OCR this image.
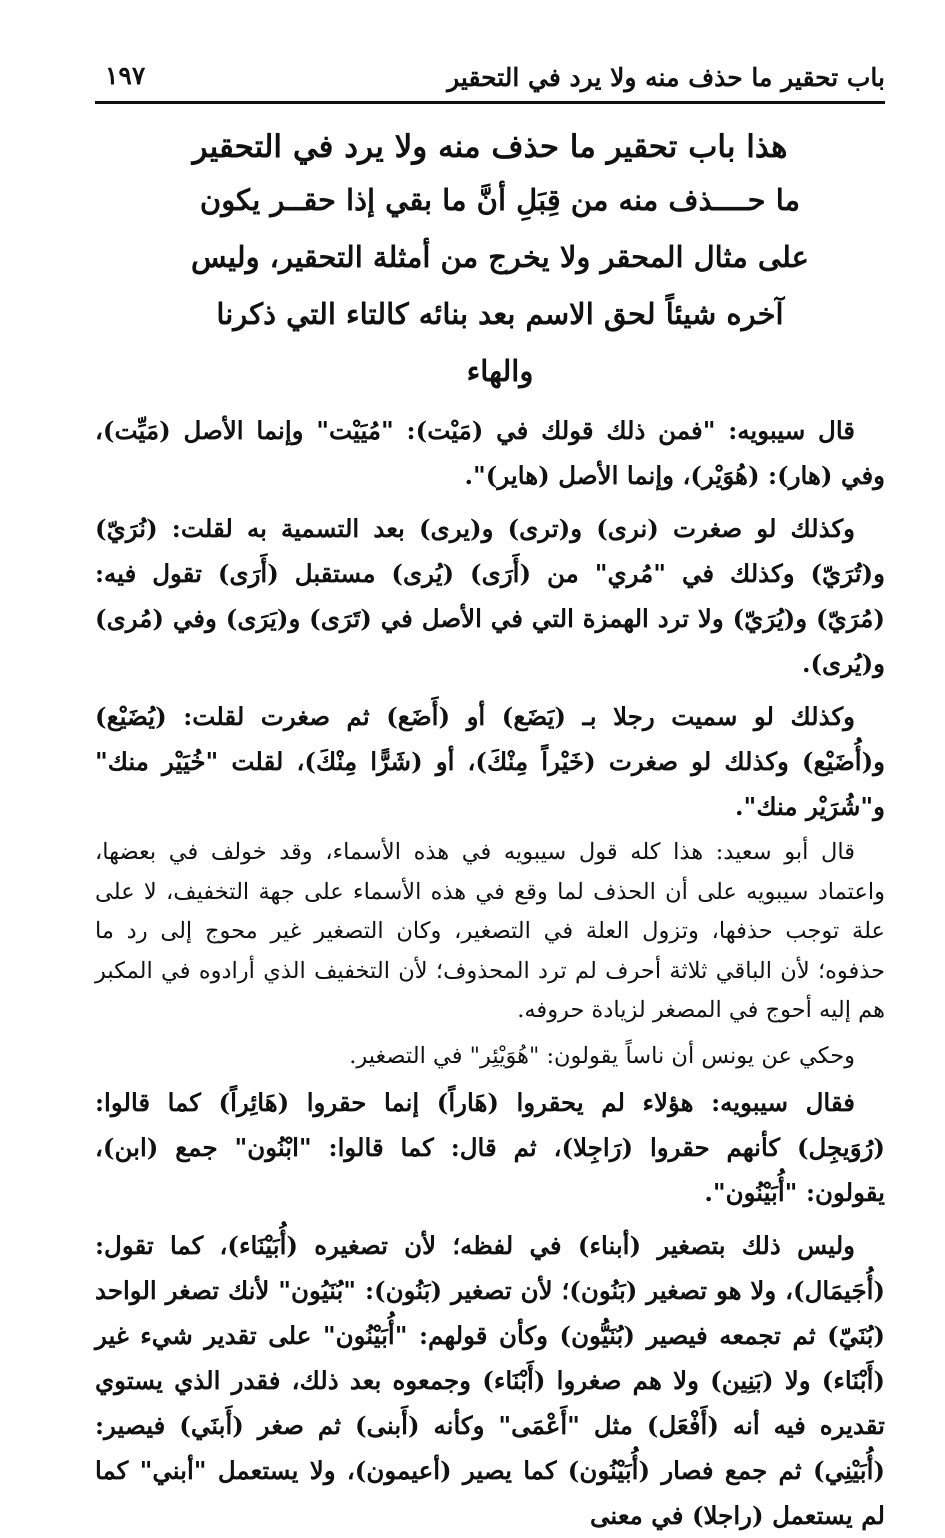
باب تحقير ما حذف منه ولا يرد في التحقير
١٩٧
هذا باب تحقير ما حذف منه ولا يرد في التحقير
ما حــــذف منه من قِبَلِ أنَّ ما بقي إذا حقــر يكون على مثال المحقر ولا يخرج من أمثلة التحقير، وليس آخره شيئاً لحق الاسم بعد بنائه كالتاء التي ذكرنا والهاء

قال سيبويه: "فمن ذلك قولك في (مَيْت): "مُيَيْت" وإنما الأصل (مَيِّت)، وفي (هار): (هُوَيْر)، وإنما الأصل (هاير)".

وكذلك لو صغرت (نرى) و(ترى) و(يرى) بعد التسمية به لقلت: (نُرَيّ) و(تُرَيّ) وكذلك في "مُري" من (أَرَى) (يُرى) مستقبل (أَرَى) تقول فيه: (مُرَيّ) و(يُرَيّ) ولا ترد الهمزة التي في الأصل في (تَرَى) و(يَرَى) وفي (مُرى) و(يُرى).

وكذلك لو سميت رجلا بـ (يَضَع) أو (أَضَع) ثم صغرت لقلت: (يُضَيْع) و(أُضَيْع) وكذلك لو صغرت (خَيْراً مِنْكَ)، أو (شَرًّا مِنْكَ)، لقلت "خُيَيْر منك" و"شُرَيْر منك".

قال أبو سعيد: هذا كله قول سيبويه في هذه الأسماء، وقد خولف في بعضها، واعتماد سيبويه على أن الحذف لما وقع في هذه الأسماء على جهة التخفيف، لا على علة توجب حذفها، وتزول العلة في التصغير، وكان التصغير غير محوج إلى رد ما حذفوه؛ لأن الباقي ثلاثة أحرف لم ترد المحذوف؛ لأن التخفيف الذي أرادوه في المكبر هم إليه أحوج في المصغر لزيادة حروفه.

وحكي عن يونس أن ناساً يقولون: "هُوَيْئِر" في التصغير.

فقال سيبويه: هؤلاء لم يحقروا (هَاراً) إنما حقروا (هَائِراً) كما قالوا: (رُوَيجِل) كأنهم حقروا (رَاجِلا)، ثم قال: كما قالوا: "ابْنُون" جمع (ابن)، يقولون: "أُبَيْنُون".

وليس ذلك بتصغير (أبناء) في لفظه؛ لأن تصغيره (أُبَيْنَاء)، كما تقول: (أُجَيمَال)، ولا هو تصغير (بَنُون)؛ لأن تصغير (بَنُون): "بُنَيُون" لأنك تصغر الواحد (بُنَيّ) ثم تجمعه فيصير (بُنَيُّون) وكأن قولهم: "أُبَيْنُون" على تقدير شيء غير (أَبْنَاء) ولا (بَنِين) ولا هم صغروا (أَبْنَاء) وجمعوه بعد ذلك، فقدر الذي يستوي تقديره فيه أنه (أَفْعَل) مثل "أَعْمَى" وكأنه (أَبنى) ثم صغر (أَبنَي) فيصير: (أُبَيْنِي) ثم جمع فصار (أُبَيْنُون) كما يصير (أعيمون)، ولا يستعمل "أبني" كما لم يستعمل (راجلا) في معنى
